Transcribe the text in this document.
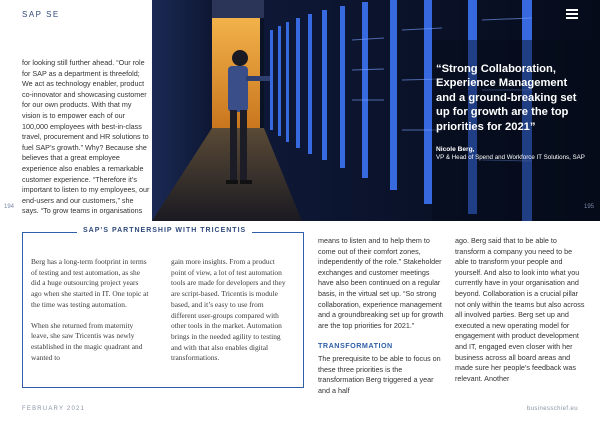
SAP SE

for looking still further ahead. “Our role for SAP as a department is threefold; We act as technology enabler, product co-innovator and showcasing customer for our own products. With that my vision is to empower each of our 100,000 employees with best-in-class travel, procurement and HR solutions to fuel SAP’s growth.” Why? Because she believes that a great employee experience also enables a remarkable customer experience. “Therefore it’s important to listen to my employees, our end-users and our customers,” she says. “To grow teams in organisations

194
“Strong Collaboration, Experience Management and a ground-breaking set up for growth are the top priorities for 2021”
Nicole Berg,
VP & Head of Spend and Workforce IT Solutions, SAP
195
SAP’S PARTNERSHIP WITH TRICENTIS

Berg has a long-term footprint in terms of testing and test automation, as she did a huge outsourcing project years ago when she started in IT. One topic at the time was testing automation.

When she returned from maternity leave, she saw Tricentis was newly established in the magic quadrant and wanted to

gain more insights. From a product point of view, a lot of test automation tools are made for developers and they are script-based. Tricentis is module based, and it’s easy to use from different user-groups compared with other tools in the market. Automation brings in the needed agility to testing and with that also enables digital transformations.

means to listen and to help them to come out of their comfort zones, independently of the role.” Stakeholder exchanges and customer meetings have also been continued on a regular basis, in the virtual set up. “So strong collaboration, experience management and a groundbreaking set up for growth are the top priorities for 2021.”

TRANSFORMATION

The prerequisite to be able to focus on these three priorities is the transformation Berg triggered a year and a half

ago. Berg said that to be able to transform a company you need to be able to transform your people and yourself. And also to look into what you currently have in your organisation and beyond. Collaboration is a crucial pillar not only within the teams but also across all involved parties. Berg set up and executed a new operating model for engagement with product development and IT, engaged even closer with her business across all board areas and made sure her people’s feedback was relevant. Another

FEBRUARY 2021	businesschief.eu
